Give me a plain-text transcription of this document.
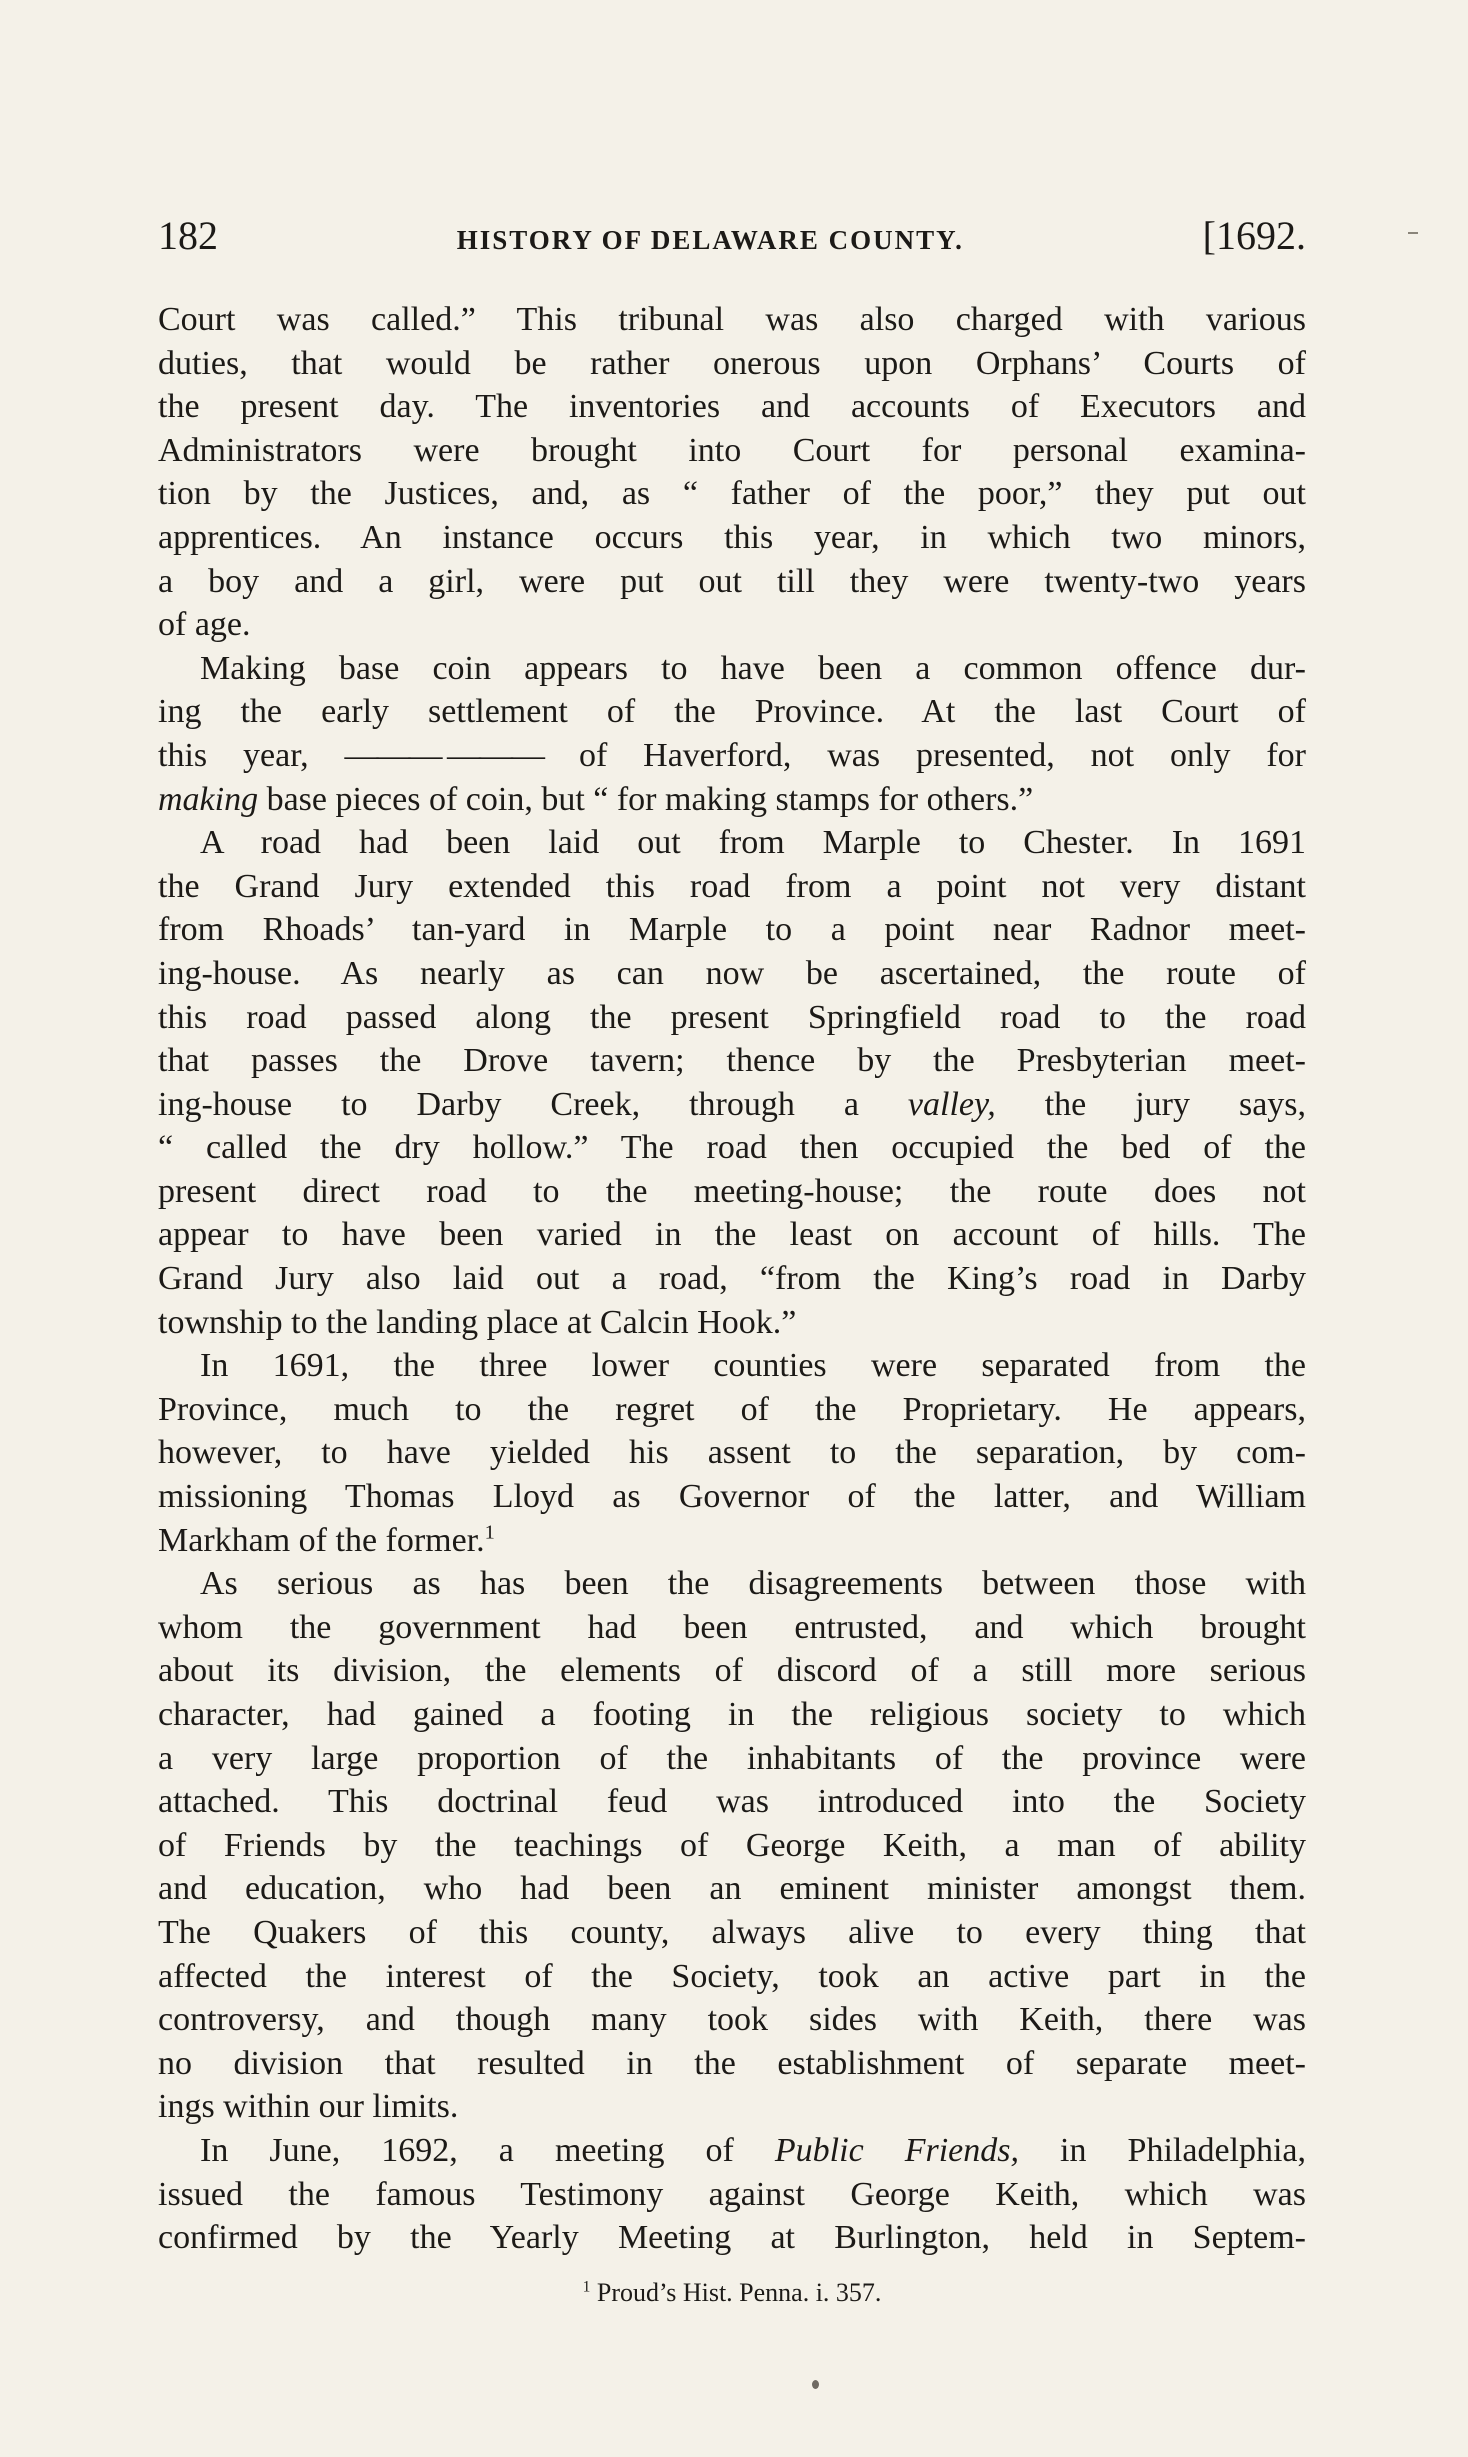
182	HISTORY OF DELAWARE COUNTY.	[1692.
Court was called.” This tribunal was also charged with various
duties, that would be rather onerous upon Orphans’ Courts of
the present day. The inventories and accounts of Executors and
Administrators were brought into Court for personal examina-
tion by the Justices, and, as “ father of the poor,” they put out
apprentices. An instance occurs this year, in which two minors,
a boy and a girl, were put out till they were twenty-two years
of age.
Making base coin appears to have been a common offence dur-
ing the early settlement of the Province. At the last Court of
this year, ——— ——— of Haverford, was presented, not only for
making base pieces of coin, but “ for making stamps for others.”
A road had been laid out from Marple to Chester. In 1691
the Grand Jury extended this road from a point not very distant
from Rhoads’ tan-yard in Marple to a point near Radnor meet-
ing-house. As nearly as can now be ascertained, the route of
this road passed along the present Springfield road to the road
that passes the Drove tavern; thence by the Presbyterian meet-
ing-house to Darby Creek, through a valley, the jury says,
“ called the dry hollow.” The road then occupied the bed of the
present direct road to the meeting-house; the route does not
appear to have been varied in the least on account of hills. The
Grand Jury also laid out a road, “from the King’s road in Darby
township to the landing place at Calcin Hook.”
In 1691, the three lower counties were separated from the
Province, much to the regret of the Proprietary. He appears,
however, to have yielded his assent to the separation, by com-
missioning Thomas Lloyd as Governor of the latter, and William
Markham of the former.$^1$
As serious as has been the disagreements between those with
whom the government had been entrusted, and which brought
about its division, the elements of discord of a still more serious
character, had gained a footing in the religious society to which
a very large proportion of the inhabitants of the province were
attached. This doctrinal feud was introduced into the Society
of Friends by the teachings of George Keith, a man of ability
and education, who had been an eminent minister amongst them.
The Quakers of this county, always alive to every thing that
affected the interest of the Society, took an active part in the
controversy, and though many took sides with Keith, there was
no division that resulted in the establishment of separate meet-
ings within our limits.
In June, 1692, a meeting of Public Friends, in Philadelphia,
issued the famous Testimony against George Keith, which was
confirmed by the Yearly Meeting at Burlington, held in Septem-
$^1$ Proud’s Hist. Penna. i. 357.
